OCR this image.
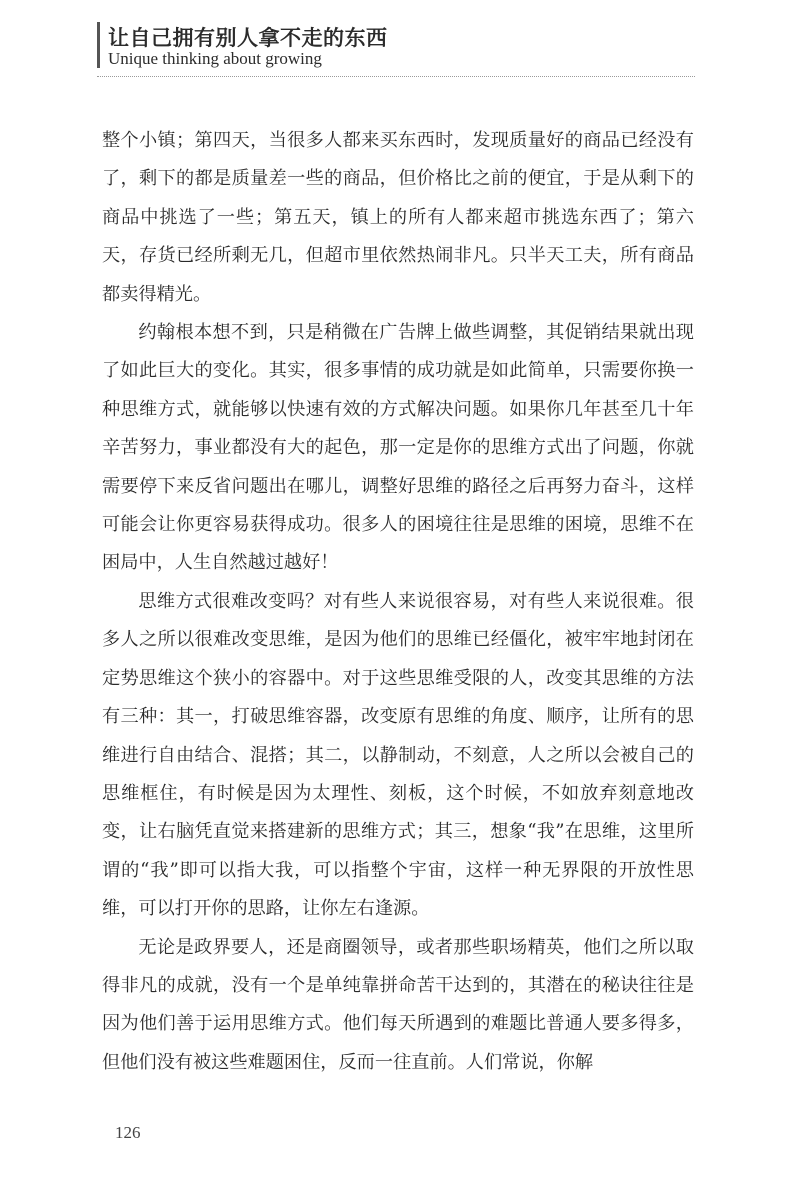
让自己拥有别人拿不走的东西
Unique thinking about growing

整个小镇；第四天，当很多人都来买东西时，发现质量好的商品已经没有了，剩下的都是质量差一些的商品，但价格比之前的便宜，于是从剩下的商品中挑选了一些；第五天，镇上的所有人都来超市挑选东西了；第六天，存货已经所剩无几，但超市里依然热闹非凡。只半天工夫，所有商品都卖得精光。

约翰根本想不到，只是稍微在广告牌上做些调整，其促销结果就出现了如此巨大的变化。其实，很多事情的成功就是如此简单，只需要你换一种思维方式，就能够以快速有效的方式解决问题。如果你几年甚至几十年辛苦努力，事业都没有大的起色，那一定是你的思维方式出了问题，你就需要停下来反省问题出在哪儿，调整好思维的路径之后再努力奋斗，这样可能会让你更容易获得成功。很多人的困境往往是思维的困境，思维不在困局中，人生自然越过越好！

思维方式很难改变吗？对有些人来说很容易，对有些人来说很难。很多人之所以很难改变思维，是因为他们的思维已经僵化，被牢牢地封闭在定势思维这个狭小的容器中。对于这些思维受限的人，改变其思维的方法有三种：其一，打破思维容器，改变原有思维的角度、顺序，让所有的思维进行自由结合、混搭；其二，以静制动，不刻意，人之所以会被自己的思维框住，有时候是因为太理性、刻板，这个时候，不如放弃刻意地改变，让右脑凭直觉来搭建新的思维方式；其三，想象“我”在思维，这里所谓的“我”即可以指大我，可以指整个宇宙，这样一种无界限的开放性思维，可以打开你的思路，让你左右逢源。

无论是政界要人，还是商圈领导，或者那些职场精英，他们之所以取得非凡的成就，没有一个是单纯靠拼命苦干达到的，其潜在的秘诀往往是因为他们善于运用思维方式。他们每天所遇到的难题比普通人要多得多，但他们没有被这些难题困住，反而一往直前。人们常说，你解

126
